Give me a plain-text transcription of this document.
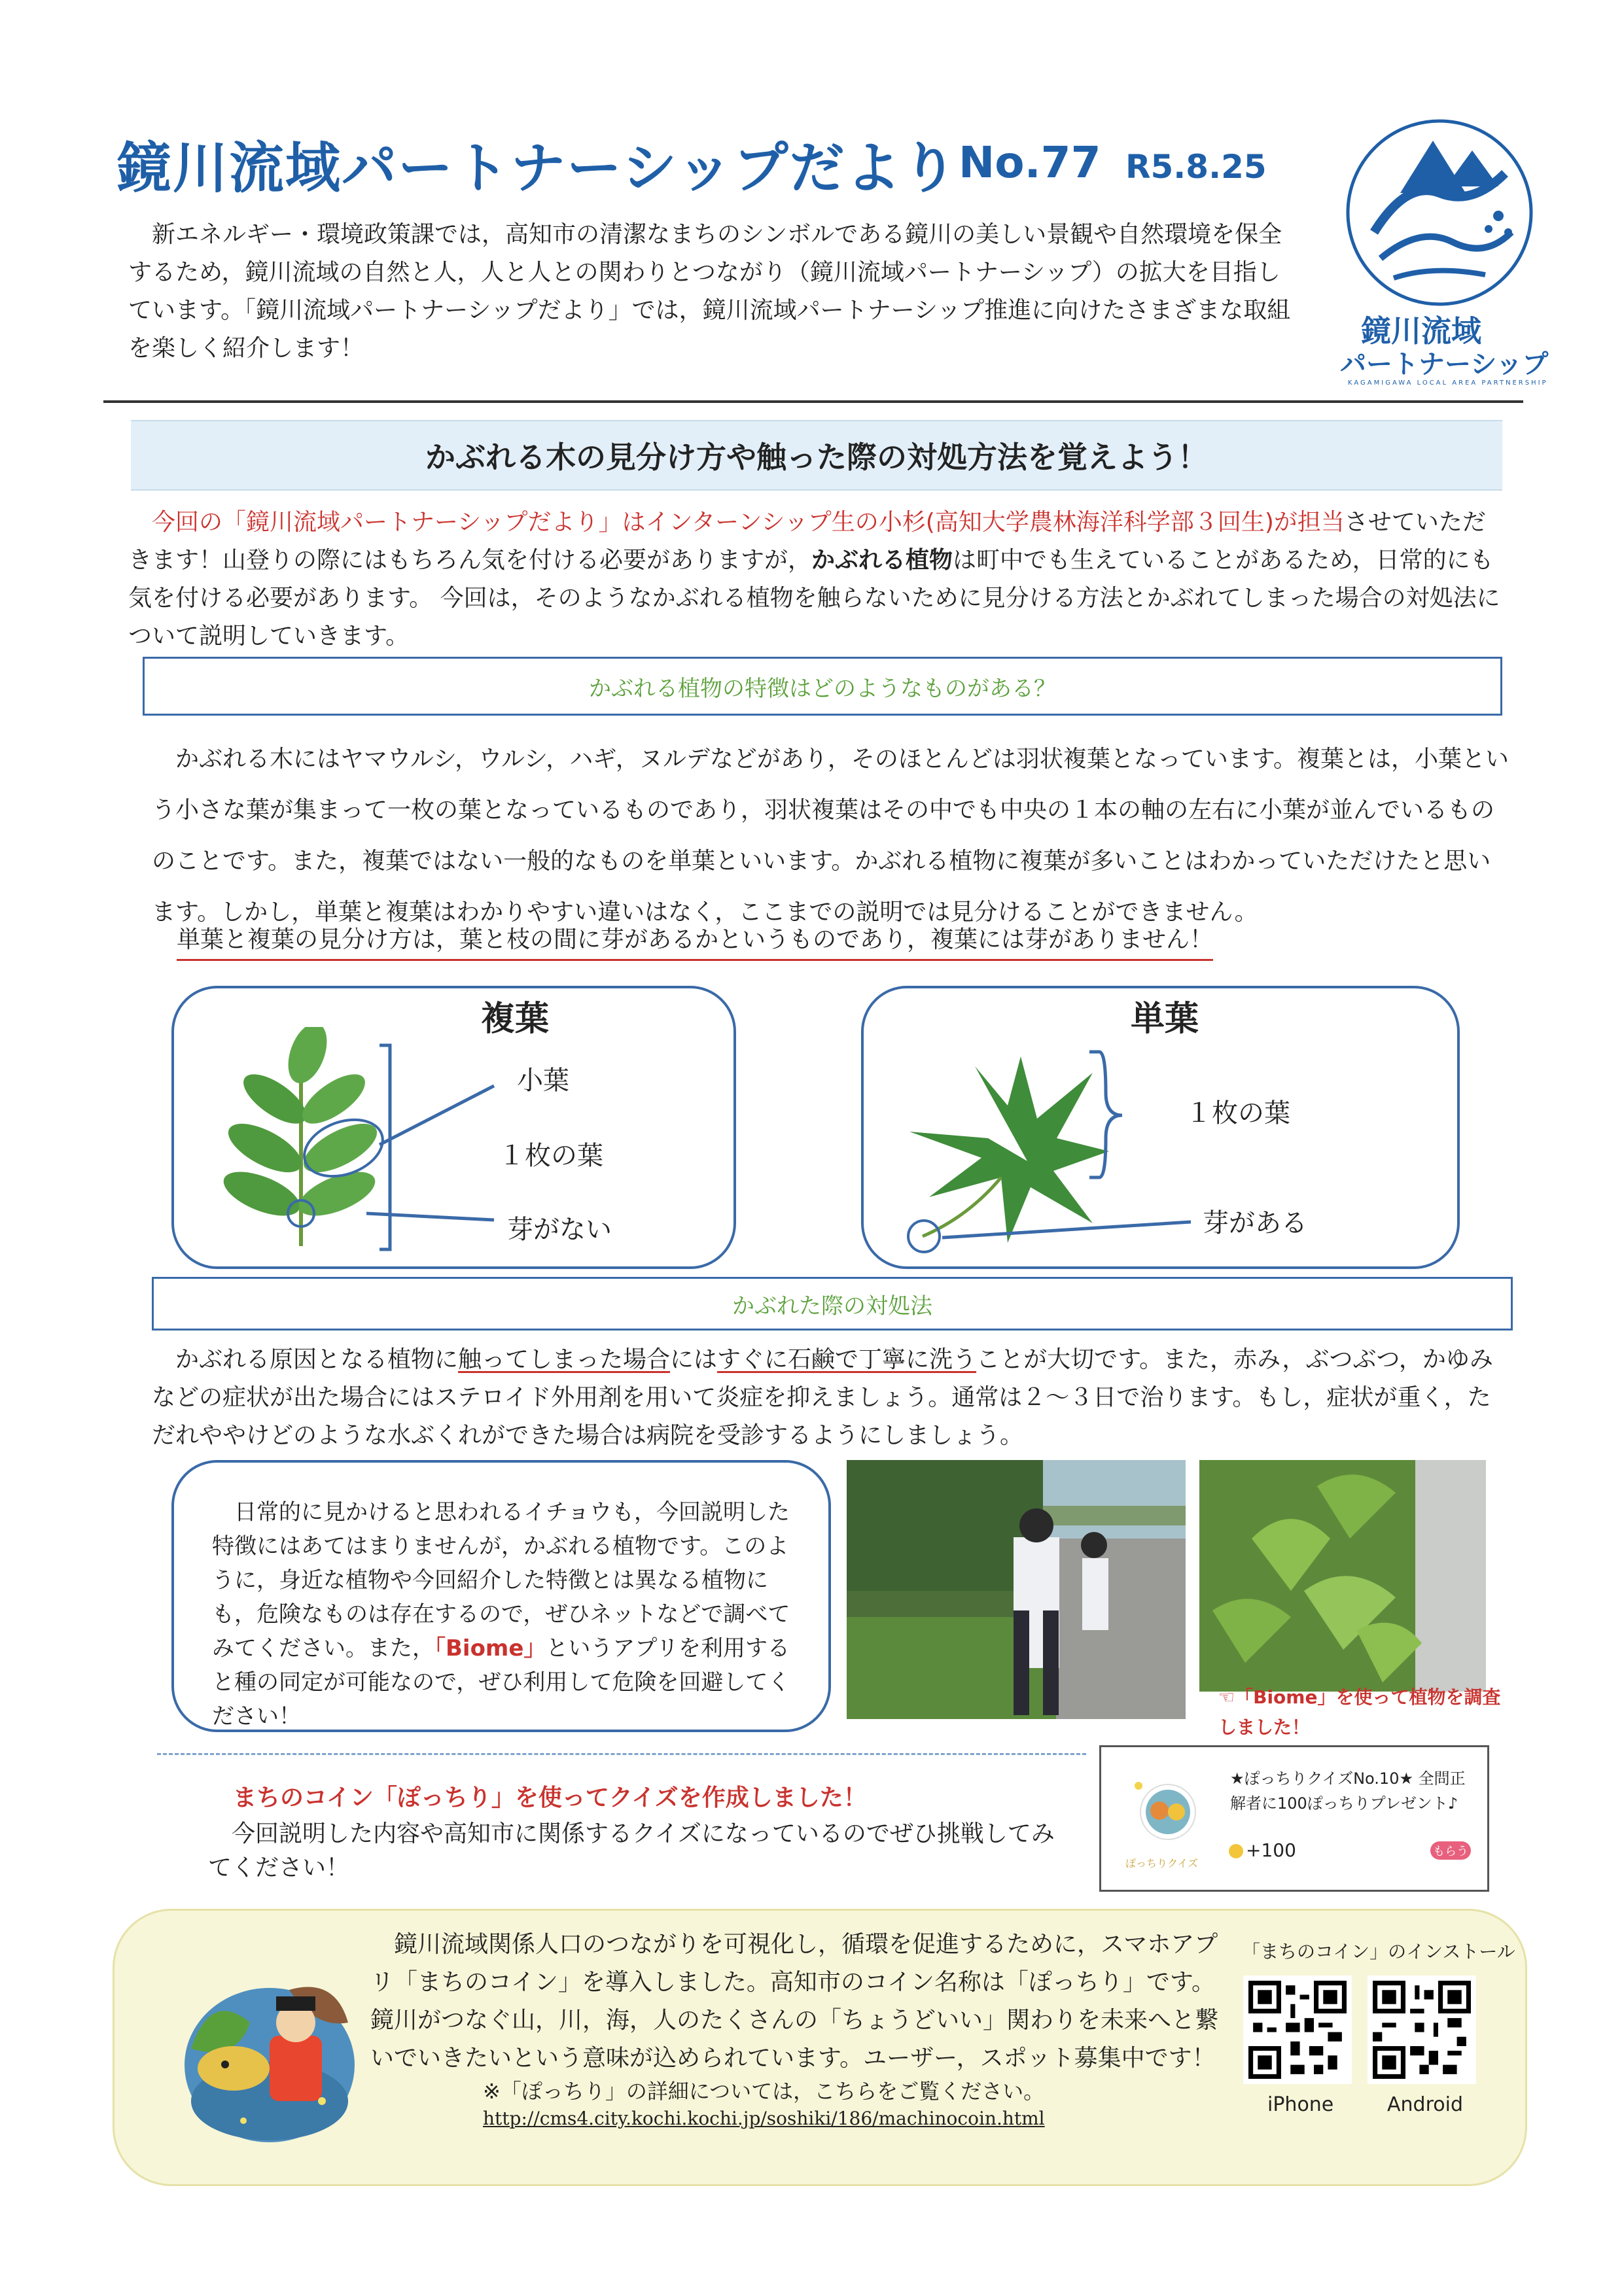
鏡川流域パートナーシップだより No.77 R5.8.25
新エネルギー・環境政策課では，高知市の清潔なまちのシンボルである鏡川の美しい景観や自然環境を保全するため，鏡川流域の自然と人，人と人との関わりとつながり（鏡川流域パートナーシップ）の拡大を目指しています。「鏡川流域パートナーシップだより」では，鏡川流域パートナーシップ推進に向けたさまざまな取組を楽しく紹介します！	鏡川流域
パートナーシップ
KAGAMIGAWA LOCAL AREA PARTNERSHIP
かぶれる木の見分け方や触った際の対処方法を覚えよう！
今回の「鏡川流域パートナーシップだより」はインターンシップ生の小杉(高知大学農林海洋科学部３回生)が担当させていただきます！山登りの際にはもちろん気を付ける必要がありますが，かぶれる植物は町中でも生えていることがあるため，日常的にも気を付ける必要があります。 今回は，そのようなかぶれる植物を触らないために見分ける方法とかぶれてしまった場合の対処法について説明していきます。
かぶれる植物の特徴はどのようなものがある？
かぶれる木にはヤマウルシ，ウルシ，ハギ，ヌルデなどがあり，そのほとんどは羽状複葉となっています。複葉とは，小葉という小さな葉が集まって一枚の葉となっているものであり，羽状複葉はその中でも中央の１本の軸の左右に小葉が並んでいるもののことです。また，複葉ではない一般的なものを単葉といいます。かぶれる植物に複葉が多いことはわかっていただけたと思います。しかし，単葉と複葉はわかりやすい違いはなく，ここまでの説明では見分けることができません。
単葉と複葉の見分け方は，葉と枝の間に芽があるかというものであり，複葉には芽がありません！
複葉
小葉
１枚の葉
芽がない
単葉
１枚の葉
芽がある
かぶれた際の対処法
かぶれる原因となる植物に触ってしまった場合にはすぐに石鹸で丁寧に洗うことが大切です。また，赤み，ぶつぶつ，かゆみなどの症状が出た場合にはステロイド外用剤を用いて炎症を抑えましょう。通常は２～３日で治ります。もし，症状が重く，ただれややけどのような水ぶくれができた場合は病院を受診するようにしましょう。
日常的に見かけると思われるイチョウも，今回説明した特徴にはあてはまりませんが，かぶれる植物です。このように，身近な植物や今回紹介した特徴とは異なる植物にも，危険なものは存在するので，ぜひネットなどで調べてみてください。また，「Biome」というアプリを利用すると種の同定が可能なので，ぜひ利用して危険を回避してください！
☜「Biome」を使って植物を調査しました！
まちのコイン「ぽっちり」を使ってクイズを作成しました！
今回説明した内容や高知市に関係するクイズになっているのでぜひ挑戦してみてください！	ぽっちりクイズ
★ぽっちりクイズNo.10★ 全問正解者に100ぽっちりプレゼント♪
+100	もらう
鏡川流域関係人口のつながりを可視化し，循環を促進するために，スマホアプリ「まちのコイン」を導入しました。高知市のコイン名称は「ぽっちり」です。鏡川がつなぐ山，川，海，人のたくさんの「ちょうどいい」関わりを未来へと繋いでいきたいという意味が込められています。ユーザー，スポット募集中です！
※「ぽっちり」の詳細については，こちらをご覧ください。
http://cms4.city.kochi.kochi.jp/soshiki/186/machinocoin.html
「まちのコイン」のインストール
iPhone	Android
